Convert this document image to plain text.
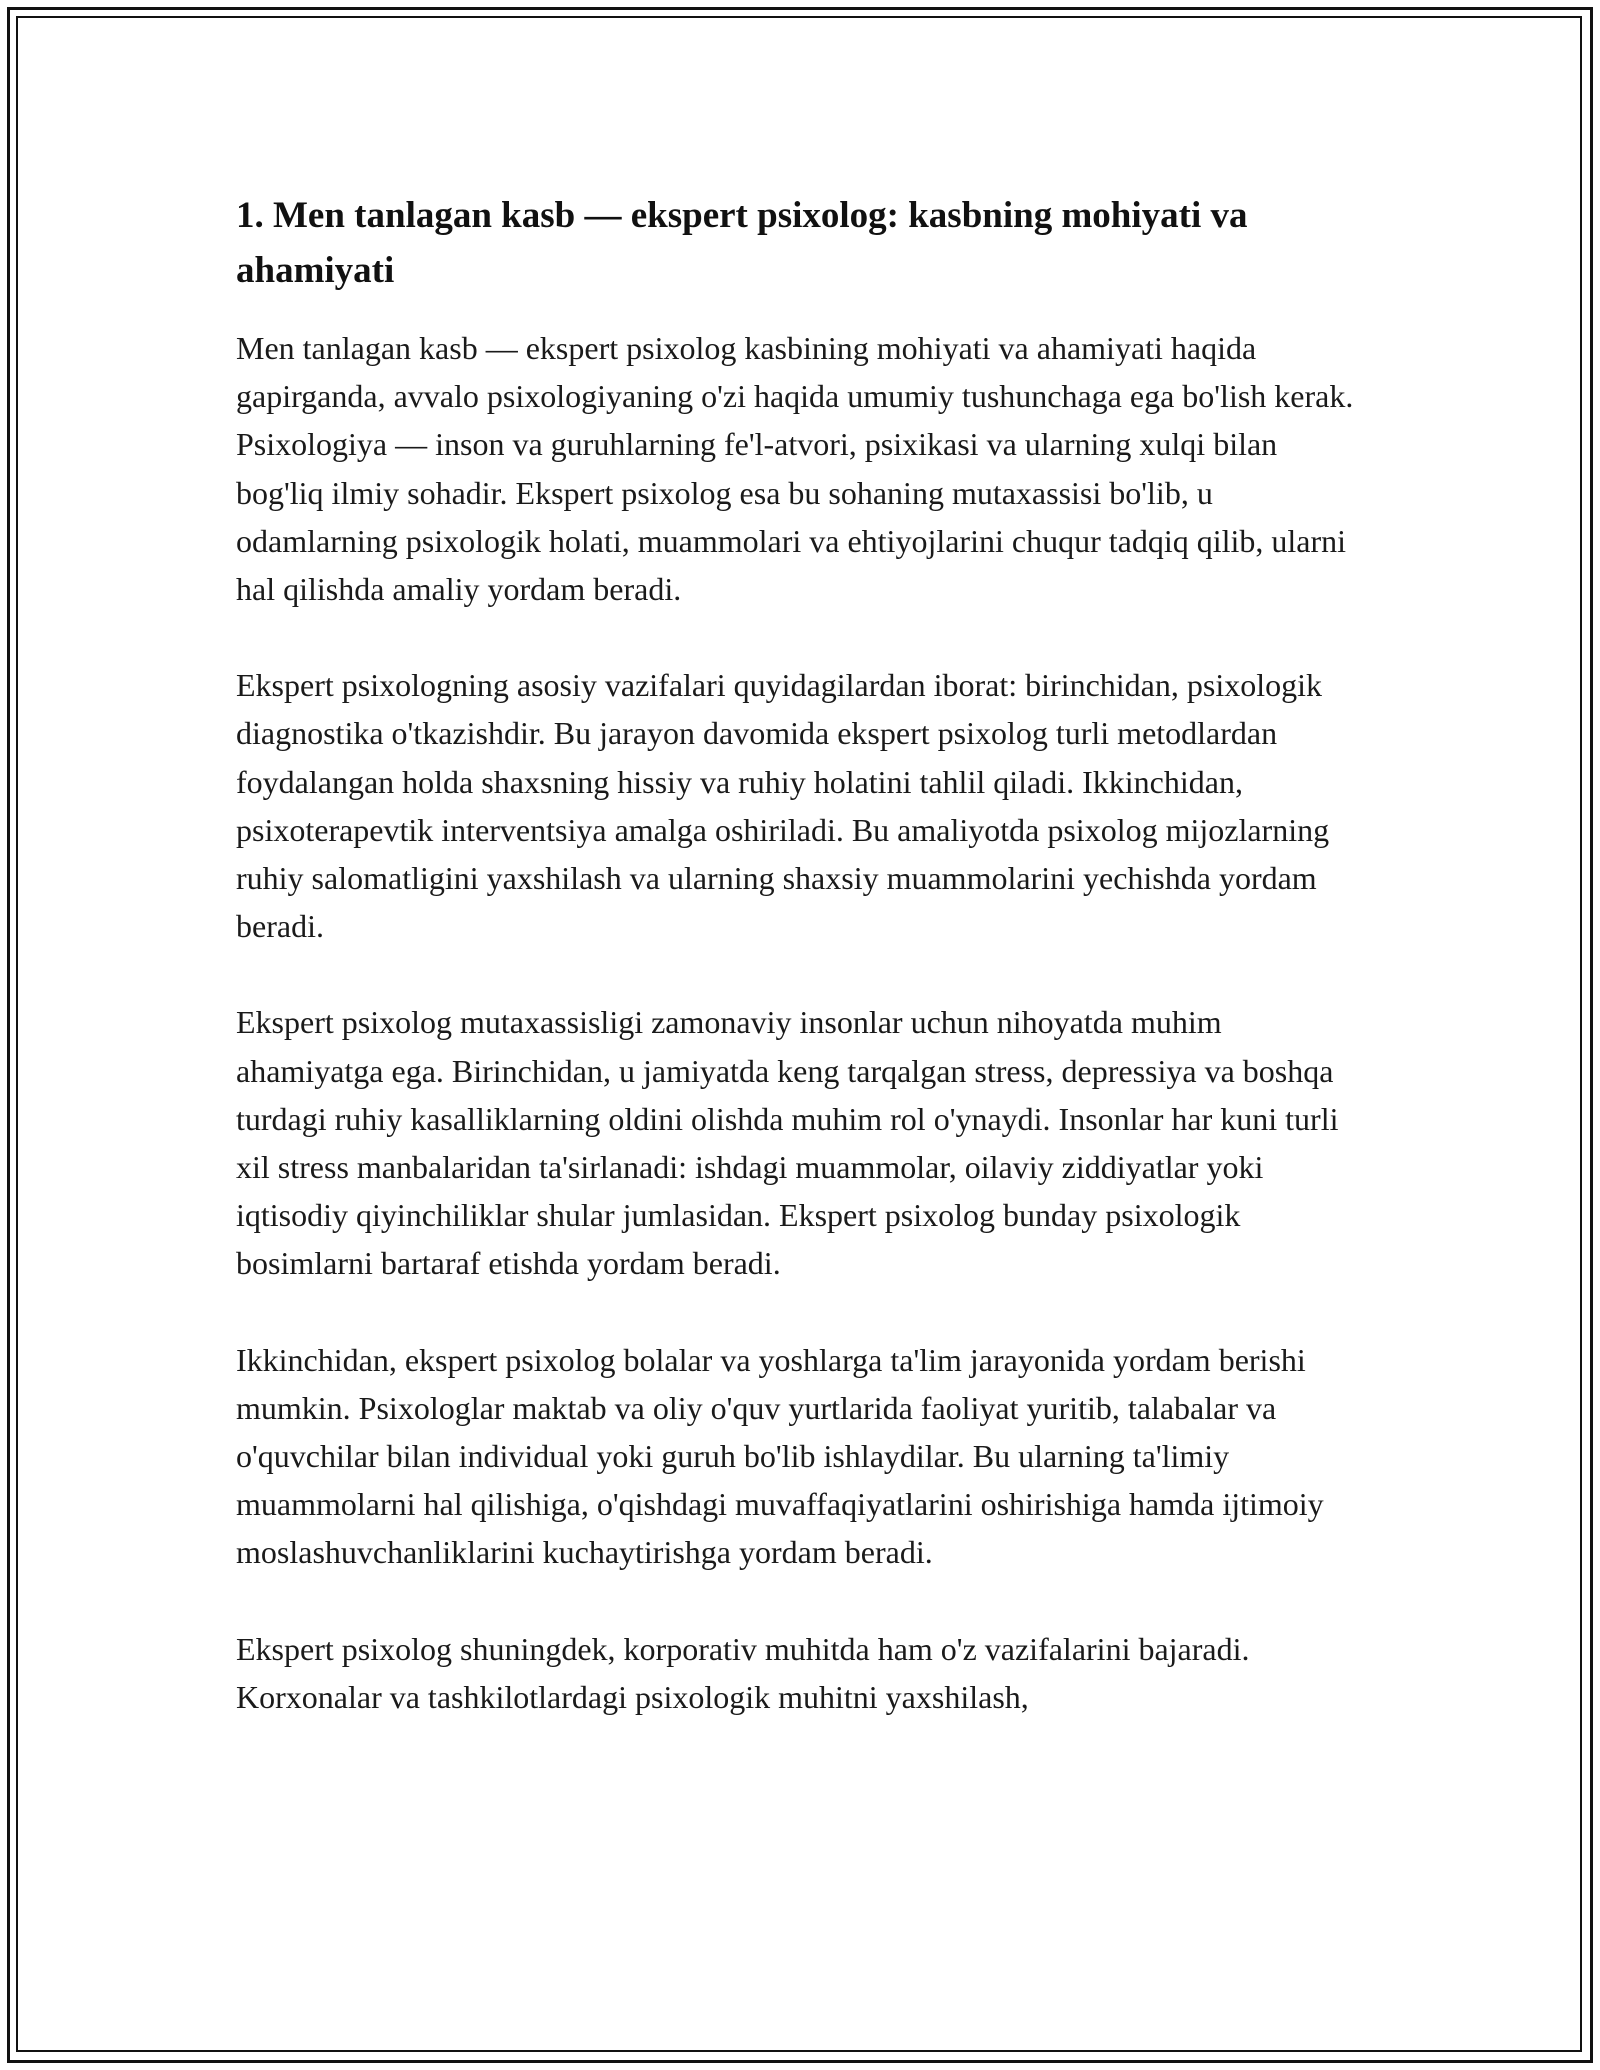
1. Men tanlagan kasb — ekspert psixolog: kasbning mohiyati va ahamiyati

Men tanlagan kasb — ekspert psixolog kasbining mohiyati va ahamiyati haqida gapirganda, avvalo psixologiyaning o'zi haqida umumiy tushunchaga ega bo'lish kerak. Psixologiya — inson va guruhlarning fe'l-atvori, psixikasi va ularning xulqi bilan bog'liq ilmiy sohadir. Ekspert psixolog esa bu sohaning mutaxassisi bo'lib, u odamlarning psixologik holati, muammolari va ehtiyojlarini chuqur tadqiq qilib, ularni hal qilishda amaliy yordam beradi.

Ekspert psixologning asosiy vazifalari quyidagilardan iborat: birinchidan, psixologik diagnostika o'tkazishdir. Bu jarayon davomida ekspert psixolog turli metodlardan foydalangan holda shaxsning hissiy va ruhiy holatini tahlil qiladi. Ikkinchidan, psixoterapevtik interventsiya amalga oshiriladi. Bu amaliyotda psixolog mijozlarning ruhiy salomatligini yaxshilash va ularning shaxsiy muammolarini yechishda yordam beradi.

Ekspert psixolog mutaxassisligi zamonaviy insonlar uchun nihoyatda muhim ahamiyatga ega. Birinchidan, u jamiyatda keng tarqalgan stress, depressiya va boshqa turdagi ruhiy kasalliklarning oldini olishda muhim rol o'ynaydi. Insonlar har kuni turli xil stress manbalaridan ta'sirlanadi: ishdagi muammolar, oilaviy ziddiyatlar yoki iqtisodiy qiyinchiliklar shular jumlasidan. Ekspert psixolog bunday psixologik bosimlarni bartaraf etishda yordam beradi.

Ikkinchidan, ekspert psixolog bolalar va yoshlarga ta'lim jarayonida yordam berishi mumkin. Psixologlar maktab va oliy o'quv yurtlarida faoliyat yuritib, talabalar va o'quvchilar bilan individual yoki guruh bo'lib ishlaydilar. Bu ularning ta'limiy muammolarni hal qilishiga, o'qishdagi muvaffaqiyatlarini oshirishiga hamda ijtimoiy moslashuvchanliklarini kuchaytirishga yordam beradi.

Ekspert psixolog shuningdek, korporativ muhitda ham o'z vazifalarini bajaradi. Korxonalar va tashkilotlardagi psixologik muhitni yaxshilash,
